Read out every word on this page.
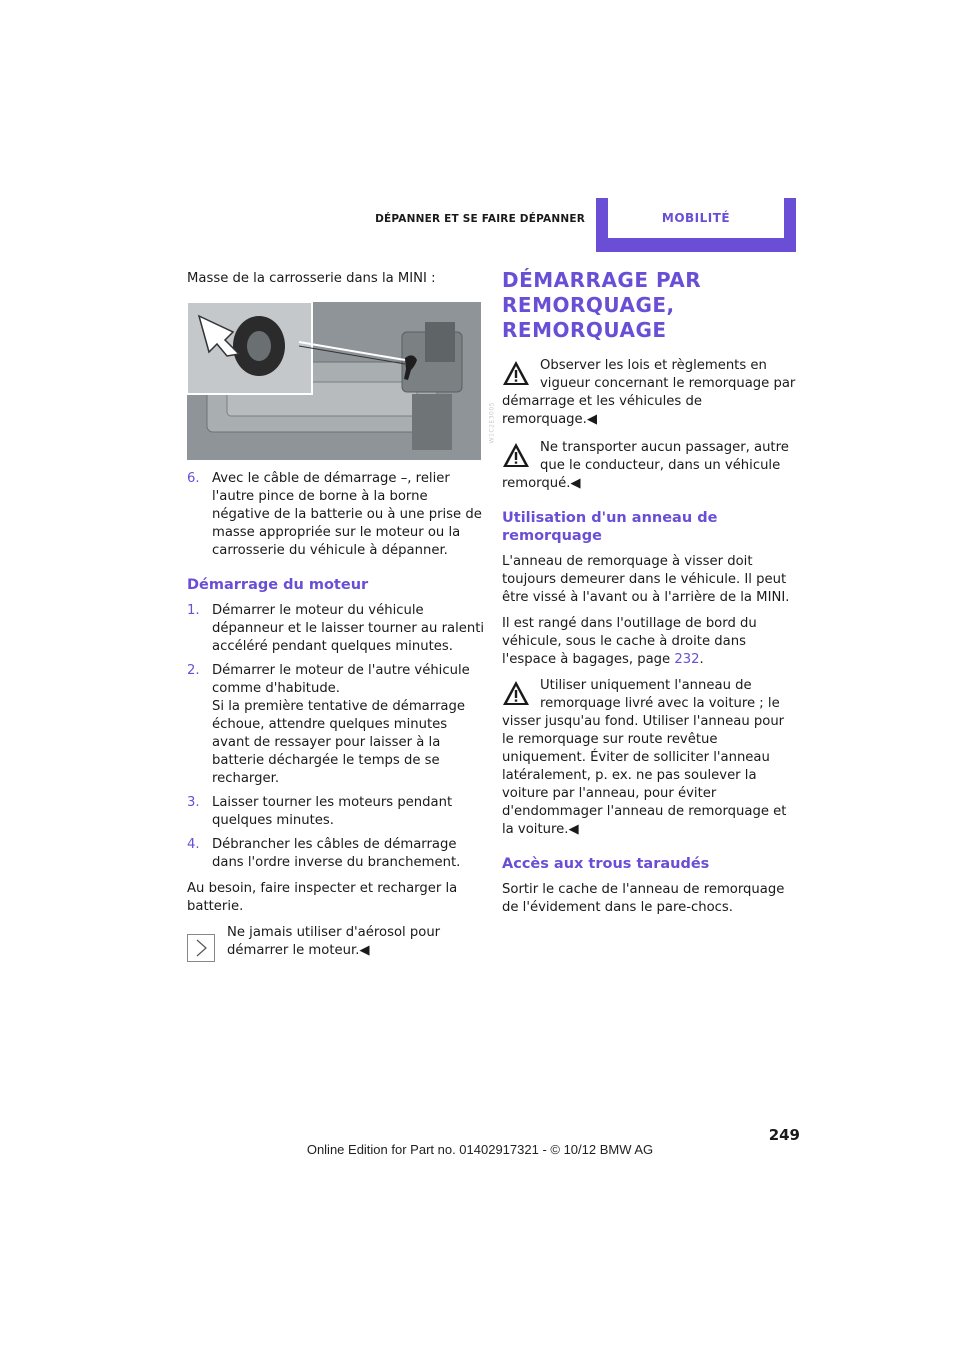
DÉPANNER ET SE FAIRE DÉPANNER	MOBILITÉ

Masse de la carrosserie dans la MINI :

W1C2E3005
6. Avec le câble de démarrage –, relier l'autre pince de borne à la borne négative de la batterie ou à une prise de masse appropriée sur le moteur ou la carrosserie du véhicule à dépanner.
Démarrage du moteur
1. Démarrer le moteur du véhicule dépanneur et le laisser tourner au ralenti accéléré pendant quelques minutes.
2. Démarrer le moteur de l'autre véhicule comme d'habitude.
Si la première tentative de démarrage échoue, attendre quelques minutes avant de ressayer pour laisser à la batterie déchargée le temps de se recharger.
3. Laisser tourner les moteurs pendant quelques minutes.
4. Débrancher les câbles de démarrage dans l'ordre inverse du branchement.

Au besoin, faire inspecter et recharger la batterie.

Ne jamais utiliser d'aérosol pour démarrer le moteur.◀
DÉMARRAGE PAR REMORQUAGE, REMORQUAGE
Observer les lois et règlements en vigueur concernant le remorquage par démarrage et les véhicules de remorquage.◀
Ne transporter aucun passager, autre que le conducteur, dans un véhicule remorqué.◀
Utilisation d'un anneau de remorquage

L'anneau de remorquage à visser doit toujours demeurer dans le véhicule. Il peut être vissé à l'avant ou à l'arrière de la MINI.

Il est rangé dans l'outillage de bord du véhicule, sous le cache à droite dans l'espace à bagages, page 232.

Utiliser uniquement l'anneau de remorquage livré avec la voiture ; le visser jusqu'au fond. Utiliser l'anneau pour le remorquage sur route revêtue uniquement. Éviter de solliciter l'anneau latéralement, p. ex. ne pas soulever la voiture par l'anneau, pour éviter d'endommager l'anneau de remorquage et la voiture.◀
Accès aux trous taraudés

Sortir le cache de l'anneau de remorquage de l'évidement dans le pare-chocs.

249
Online Edition for Part no. 01402917321 - © 10/12 BMW AG
